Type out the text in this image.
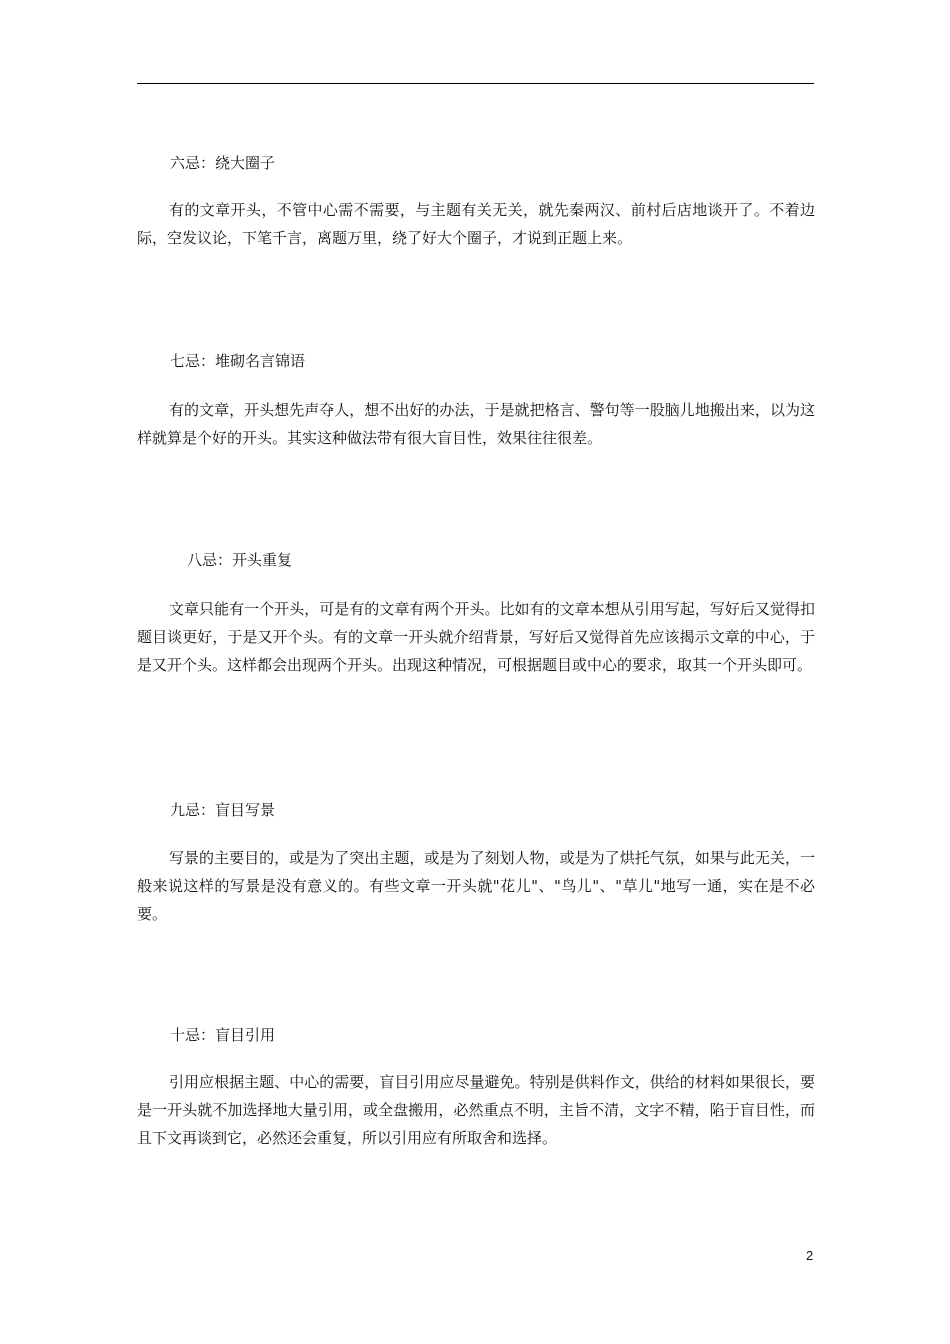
六忌：绕大圈子

有的文章开头，不管中心需不需要，与主题有关无关，就先秦两汉、前村后店地谈开了。不着边际，空发议论，下笔千言，离题万里，绕了好大个圈子，才说到正题上来。

七忌：堆砌名言锦语

有的文章，开头想先声夺人，想不出好的办法，于是就把格言、警句等一股脑儿地搬出来，以为这样就算是个好的开头。其实这种做法带有很大盲目性，效果往往很差。

八忌：开头重复

文章只能有一个开头，可是有的文章有两个开头。比如有的文章本想从引用写起，写好后又觉得扣题目谈更好，于是又开个头。有的文章一开头就介绍背景，写好后又觉得首先应该揭示文章的中心，于是又开个头。这样都会出现两个开头。出现这种情况，可根据题目或中心的要求，取其一个开头即可。

九忌：盲目写景

写景的主要目的，或是为了突出主题，或是为了刻划人物，或是为了烘托气氛，如果与此无关，一般来说这样的写景是没有意义的。有些文章一开头就"花儿"、"鸟儿"、"草儿"地写一通，实在是不必要。

十忌：盲目引用

引用应根据主题、中心的需要，盲目引用应尽量避免。特别是供料作文，供给的材料如果很长，要是一开头就不加选择地大量引用，或全盘搬用，必然重点不明，主旨不清，文字不精，陷于盲目性，而且下文再谈到它，必然还会重复，所以引用应有所取舍和选择。

2
